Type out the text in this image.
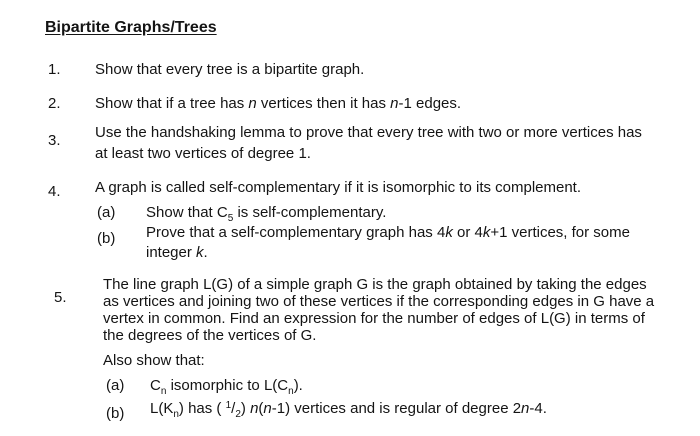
Bipartite Graphs/Trees
1. Show that every tree is a bipartite graph.
2. Show that if a tree has n vertices then it has n-1 edges.
3. Use the handshaking lemma to prove that every tree with two or more vertices has
at least two vertices of degree 1.
4. A graph is called self-complementary if it is isomorphic to its complement.
(a) Show that $C_5$ is self-complementary.
(b) Prove that a self-complementary graph has 4k or 4k+1 vertices, for some
integer k.
5.
The line graph L(G) of a simple graph G is the graph obtained by taking the edges
as vertices and joining two of these vertices if the corresponding edges in G have a
vertex in common. Find an expression for the number of edges of L(G) in terms of
the degrees of the vertices of G.
Also show that:
(a) $C_n$ isomorphic to $L(C_n)$.
(b) $L(K_n)$ has ( $^1/_2$) n(n-1) vertices and is regular of degree 2n-4.
